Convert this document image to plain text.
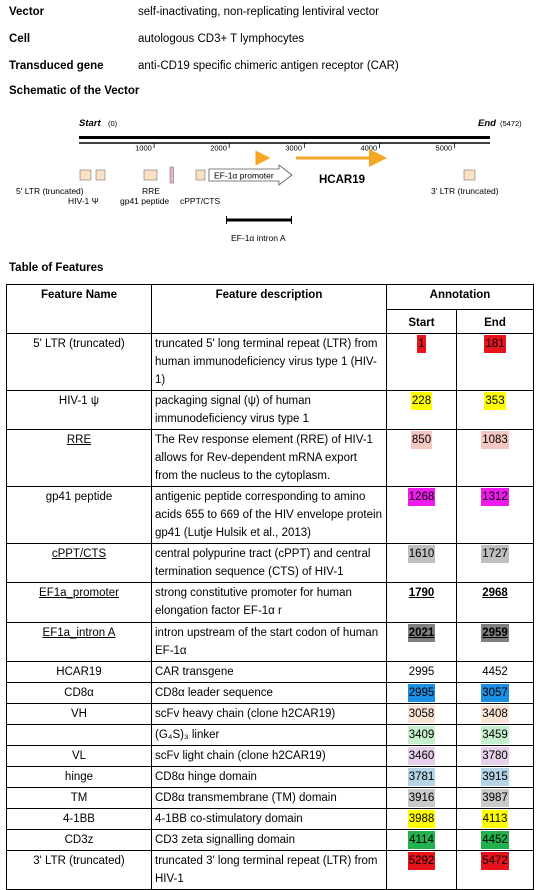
Vector	self-inactivating, non-replicating lentiviral vector
Cell	autologous CD3+ T lymphocytes
Transduced gene	anti-CD19 specific chimeric antigen receptor (CAR)
Schematic of the Vector
Start (0)	End (5472)
1000	2000	3000	4000	5000
EF-1α promoter	HCAR19
5' LTR (truncated)
HIV-1 Ψ
RRE
gp41 peptide cPPT/CTS
3' LTR (truncated)
EF-1α intron A
Table of Features
Feature Name	Feature description	Annotation	
		Start	End
5' LTR (truncated)	truncated 5' long terminal repeat (LTR) from human immunodeficiency virus type 1 (HIV-1)	1	181
HIV-1 ψ	packaging signal (ψ) of human immunodeficiency virus type 1	228	353
RRE	The Rev response element (RRE) of HIV-1 allows for Rev-dependent mRNA export from the nucleus to the cytoplasm.	850	1083
gp41 peptide	antigenic peptide corresponding to amino acids 655 to 669 of the HIV envelope protein gp41 (Lutje Hulsik et al., 2013)	1268	1312
cPPT/CTS	central polypurine tract (cPPT) and central termination sequence (CTS) of HIV-1	1610	1727
EF1a_promoter	strong constitutive promoter for human elongation factor EF-1α r	1790	2968
EF1a_intron A	intron upstream of the start codon of human EF-1α	2021	2959
HCAR19	CAR transgene	2995	4452
CD8α	CD8α leader sequence	2995	3057
VH	scFv heavy chain (clone h2CAR19)	3058	3408
	(G₄S)₃ linker	3409	3459
VL	scFv light chain (clone h2CAR19)	3460	3780
hinge	CD8α hinge domain	3781	3915
TM	CD8α transmembrane (TM) domain	3916	3987
4-1BB	4-1BB co-stimulatory domain	3988	4113
CD3z	CD3 zeta signalling domain	4114	4452
3' LTR (truncated)	truncated 3' long terminal repeat (LTR) from HIV-1	5292	5472
